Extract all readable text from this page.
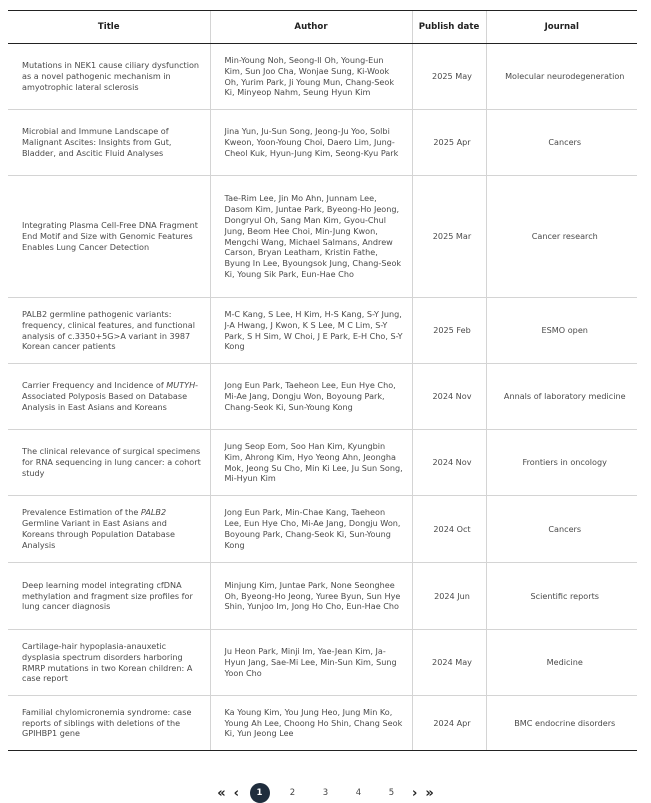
Title	Author	Publish date	Journal
Mutations in NEK1 cause ciliary dysfunction as a novel pathogenic mechanism in amyotrophic lateral sclerosis	Min-Young Noh, Seong-Il Oh, Young-Eun Kim, Sun Joo Cha, Wonjae Sung, Ki-Wook Oh, Yurim Park, Ji Young Mun, Chang-Seok Ki, Minyeop Nahm, Seung Hyun Kim	2025 May	Molecular neurodegeneration
Microbial and Immune Landscape of Malignant Ascites: Insights from Gut, Bladder, and Ascitic Fluid Analyses	Jina Yun, Ju-Sun Song, Jeong-Ju Yoo, Solbi Kweon, Yoon-Young Choi, Daero Lim, Jung-Cheol Kuk, Hyun-Jung Kim, Seong-Kyu Park	2025 Apr	Cancers
Integrating Plasma Cell-Free DNA Fragment End Motif and Size with Genomic Features Enables Lung Cancer Detection	Tae-Rim Lee, Jin Mo Ahn, Junnam Lee, Dasom Kim, Juntae Park, Byeong-Ho Jeong, Dongryul Oh, Sang Man Kim, Gyou-Chul Jung, Beom Hee Choi, Min-Jung Kwon, Mengchi Wang, Michael Salmans, Andrew Carson, Bryan Leatham, Kristin Fathe, Byung In Lee, Byoungsok Jung, Chang-Seok Ki, Young Sik Park, Eun-Hae Cho	2025 Mar	Cancer research
PALB2 germline pathogenic variants: frequency, clinical features, and functional analysis of c.3350+5G>A variant in 3987 Korean cancer patients	M-C Kang, S Lee, H Kim, H-S Kang, S-Y Jung, J-A Hwang, J Kwon, K S Lee, M C Lim, S-Y Park, S H Sim, W Choi, J E Park, E-H Cho, S-Y Kong	2025 Feb	ESMO open
Carrier Frequency and Incidence of MUTYH-Associated Polyposis Based on Database Analysis in East Asians and Koreans	Jong Eun Park, Taeheon Lee, Eun Hye Cho, Mi-Ae Jang, Dongju Won, Boyoung Park, Chang-Seok Ki, Sun-Young Kong	2024 Nov	Annals of laboratory medicine
The clinical relevance of surgical specimens for RNA sequencing in lung cancer: a cohort study	Jung Seop Eom, Soo Han Kim, Kyungbin Kim, Ahrong Kim, Hyo Yeong Ahn, Jeongha Mok, Jeong Su Cho, Min Ki Lee, Ju Sun Song, Mi-Hyun Kim	2024 Nov	Frontiers in oncology
Prevalence Estimation of the PALB2 Germline Variant in East Asians and Koreans through Population Database Analysis	Jong Eun Park, Min-Chae Kang, Taeheon Lee, Eun Hye Cho, Mi-Ae Jang, Dongju Won, Boyoung Park, Chang-Seok Ki, Sun-Young Kong	2024 Oct	Cancers
Deep learning model integrating cfDNA methylation and fragment size profiles for lung cancer diagnosis	Minjung Kim, Juntae Park, None Seonghee Oh, Byeong-Ho Jeong, Yuree Byun, Sun Hye Shin, Yunjoo Im, Jong Ho Cho, Eun-Hae Cho	2024 Jun	Scientific reports
Cartilage-hair hypoplasia-anauxetic dysplasia spectrum disorders harboring RMRP mutations in two Korean children: A case report	Ju Heon Park, Minji Im, Yae-Jean Kim, Ja-Hyun Jang, Sae-Mi Lee, Min-Sun Kim, Sung Yoon Cho	2024 May	Medicine
Familial chylomicronemia syndrome: case reports of siblings with deletions of the GPIHBP1 gene	Ka Young Kim, You Jung Heo, Jung Min Ko, Young Ah Lee, Choong Ho Shin, Chang Seok Ki, Yun Jeong Lee	2024 Apr	BMC endocrine disorders
« ‹	1	2	3	4	5	› »
